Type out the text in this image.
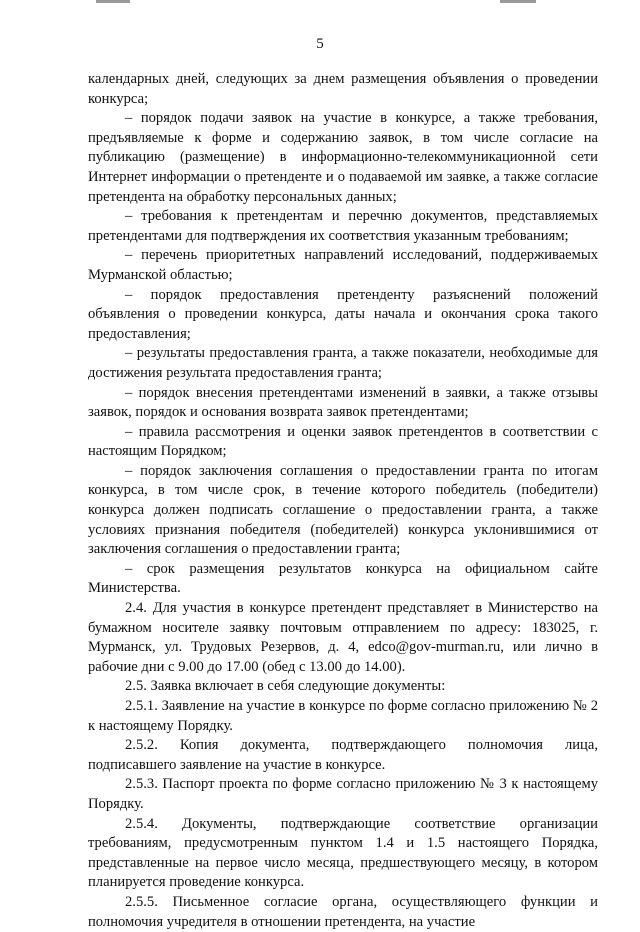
5

календарных дней, следующих за днем размещения объявления о проведении конкурса;

– порядок подачи заявок на участие в конкурсе, а также требования, предъявляемые к форме и содержанию заявок, в том числе согласие на публикацию (размещение) в информационно-телекоммуникационной сети Интернет информации о претенденте и о подаваемой им заявке, а также согласие претендента на обработку персональных данных;

– требования к претендентам и перечню документов, представляемых претендентами для подтверждения их соответствия указанным требованиям;

– перечень приоритетных направлений исследований, поддерживаемых Мурманской областью;

– порядок предоставления претенденту разъяснений положений объявления о проведении конкурса, даты начала и окончания срока такого предоставления;

– результаты предоставления гранта, а также показатели, необходимые для достижения результата предоставления гранта;

– порядок внесения претендентами изменений в заявки, а также отзывы заявок, порядок и основания возврата заявок претендентами;

– правила рассмотрения и оценки заявок претендентов в соответствии с настоящим Порядком;

– порядок заключения соглашения о предоставлении гранта по итогам конкурса, в том числе срок, в течение которого победитель (победители) конкурса должен подписать соглашение о предоставлении гранта, а также условиях признания победителя (победителей) конкурса уклонившимися от заключения соглашения о предоставлении гранта;

– срок размещения результатов конкурса на официальном сайте Министерства.

2.4. Для участия в конкурсе претендент представляет в Министерство на бумажном носителе заявку почтовым отправлением по адресу: 183025, г. Мурманск, ул. Трудовых Резервов, д. 4, edco@gov-murman.ru, или лично в рабочие дни с 9.00 до 17.00 (обед с 13.00 до 14.00).

2.5. Заявка включает в себя следующие документы:

2.5.1. Заявление на участие в конкурсе по форме согласно приложению № 2 к настоящему Порядку.

2.5.2. Копия документа, подтверждающего полномочия лица, подписавшего заявление на участие в конкурсе.

2.5.3. Паспорт проекта по форме согласно приложению № 3 к настоящему Порядку.

2.5.4. Документы, подтверждающие соответствие организации требованиям, предусмотренным пунктом 1.4 и 1.5 настоящего Порядка, представленные на первое число месяца, предшествующего месяцу, в котором планируется проведение конкурса.

2.5.5. Письменное согласие органа, осуществляющего функции и полномочия учредителя в отношении претендента, на участие
